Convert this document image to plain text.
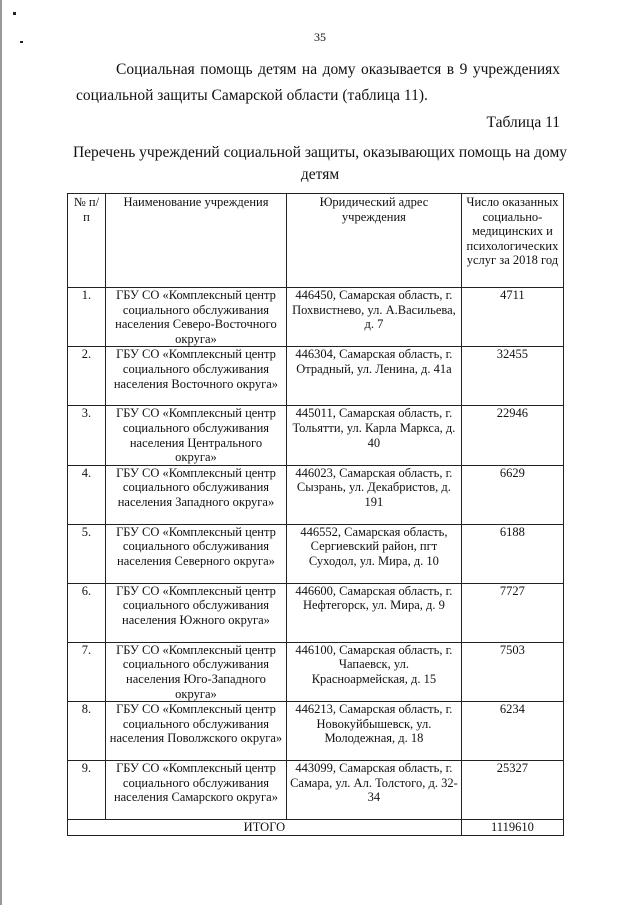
35
Социальная помощь детям на дому оказывается в 9 учреждениях социальной защиты Самарской области (таблица 11).
Таблица 11
Перечень учреждений социальной защиты, оказывающих помощь на дому детям
№ п/п	Наименование учреждения	Юридический адрес учреждения	Число оказанных социально-медицинских и психологических услуг за 2018 год
1.	ГБУ СО «Комплексный центр социального обслуживания населения Северо-Восточного округа»	446450, Самарская область, г. Похвистнево, ул. А.Васильева, д. 7	4711
2.	ГБУ СО «Комплексный центр социального обслуживания населения Восточного округа»	446304, Самарская область, г. Отрадный, ул. Ленина, д. 41а	32455
3.	ГБУ СО «Комплексный центр социального обслуживания населения Центрального округа»	445011, Самарская область, г. Тольятти, ул. Карла Маркса, д. 40	22946
4.	ГБУ СО «Комплексный центр социального обслуживания населения Западного округа»	446023, Самарская область, г. Сызрань, ул. Декабристов, д. 191	6629
5.	ГБУ СО «Комплексный центр социального обслуживания населения Северного округа»	446552, Самарская область, Сергиевский район, пгт Суходол, ул. Мира, д. 10	6188
6.	ГБУ СО «Комплексный центр социального обслуживания населения Южного округа»	446600, Самарская область, г. Нефтегорск, ул. Мира, д. 9	7727
7.	ГБУ СО «Комплексный центр социального обслуживания населения Юго-Западного округа»	446100, Самарская область, г. Чапаевск, ул. Красноармейская, д. 15	7503
8.	ГБУ СО «Комплексный центр социального обслуживания населения Поволжского округа»	446213, Самарская область, г. Новокуйбышевск, ул. Молодежная, д. 18	6234
9.	ГБУ СО «Комплексный центр социального обслуживания населения Самарского округа»	443099, Самарская область, г. Самара, ул. Ал. Толстого, д. 32-34	25327
ИТОГО			1119610
